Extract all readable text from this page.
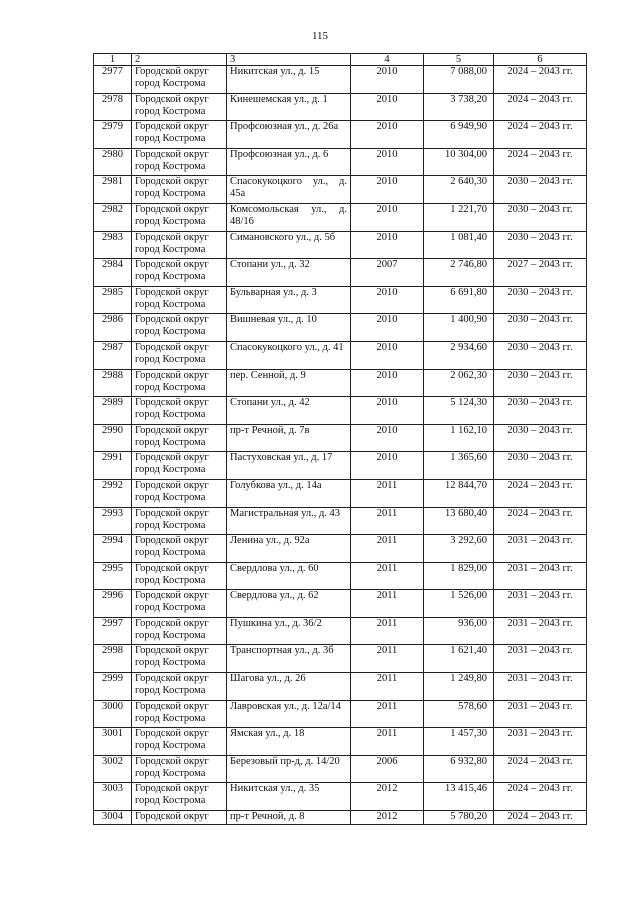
115
1	2	3	4	5	6
2977	Городской округ город Кострома	Никитская ул., д. 15	2010	7 088,00	2024 – 2043 гг.
2978	Городской округ город Кострома	Кинешемская ул., д. 1	2010	3 738,20	2024 – 2043 гг.
2979	Городской округ город Кострома	Профсоюзная ул., д. 26а	2010	6 949,90	2024 – 2043 гг.
2980	Городской округ город Кострома	Профсоюзная ул., д. 6	2010	10 304,00	2024 – 2043 гг.
2981	Городской округ город Кострома	Спасокукоцкого ул., д. 45а	2010	2 640,30	2030 – 2043 гг.
2982	Городской округ город Кострома	Комсомольская ул., д. 48/16	2010	1 221,70	2030 – 2043 гг.
2983	Городской округ город Кострома	Симановского ул., д. 5б	2010	1 081,40	2030 – 2043 гг.
2984	Городской округ город Кострома	Стопани ул., д. 32	2007	2 746,80	2027 – 2043 гг.
2985	Городской округ город Кострома	Бульварная ул., д. 3	2010	6 691,80	2030 – 2043 гг.
2986	Городской округ город Кострома	Вишневая ул., д. 10	2010	1 400,90	2030 – 2043 гг.
2987	Городской округ город Кострома	Спасокукоцкого ул., д. 41	2010	2 934,60	2030 – 2043 гг.
2988	Городской округ город Кострома	пер. Сенной, д. 9	2010	2 062,30	2030 – 2043 гг.
2989	Городской округ город Кострома	Стопани ул., д. 42	2010	5 124,30	2030 – 2043 гг.
2990	Городской округ город Кострома	пр-т Речной, д. 7в	2010	1 162,10	2030 – 2043 гг.
2991	Городской округ город Кострома	Пастуховская ул., д. 17	2010	1 365,60	2030 – 2043 гг.
2992	Городской округ город Кострома	Голубкова ул., д. 14а	2011	12 844,70	2024 – 2043 гг.
2993	Городской округ город Кострома	Магистральная ул., д. 43	2011	13 680,40	2024 – 2043 гг.
2994	Городской округ город Кострома	Ленина ул., д. 92а	2011	3 292,60	2031 – 2043 гг.
2995	Городской округ город Кострома	Свердлова ул., д. 60	2011	1 829,00	2031 – 2043 гг.
2996	Городской округ город Кострома	Свердлова ул., д. 62	2011	1 526,00	2031 – 2043 гг.
2997	Городской округ город Кострома	Пушкина ул., д. 36/2	2011	936,00	2031 – 2043 гг.
2998	Городской округ город Кострома	Транспортная ул., д. 3б	2011	1 621,40	2031 – 2043 гг.
2999	Городской округ город Кострома	Шагова ул., д. 26	2011	1 249,80	2031 – 2043 гг.
3000	Городской округ город Кострома	Лавровская ул., д. 12а/14	2011	578,60	2031 – 2043 гг.
3001	Городской округ город Кострома	Ямская ул., д. 18	2011	1 457,30	2031 – 2043 гг.
3002	Городской округ город Кострома	Березовый пр-д, д. 14/20	2006	6 932,80	2024 – 2043 гг.
3003	Городской округ город Кострома	Никитская ул., д. 35	2012	13 415,46	2024 – 2043 гг.
3004	Городской округ	пр-т Речной, д. 8	2012	5 780,20	2024 – 2043 гг.
